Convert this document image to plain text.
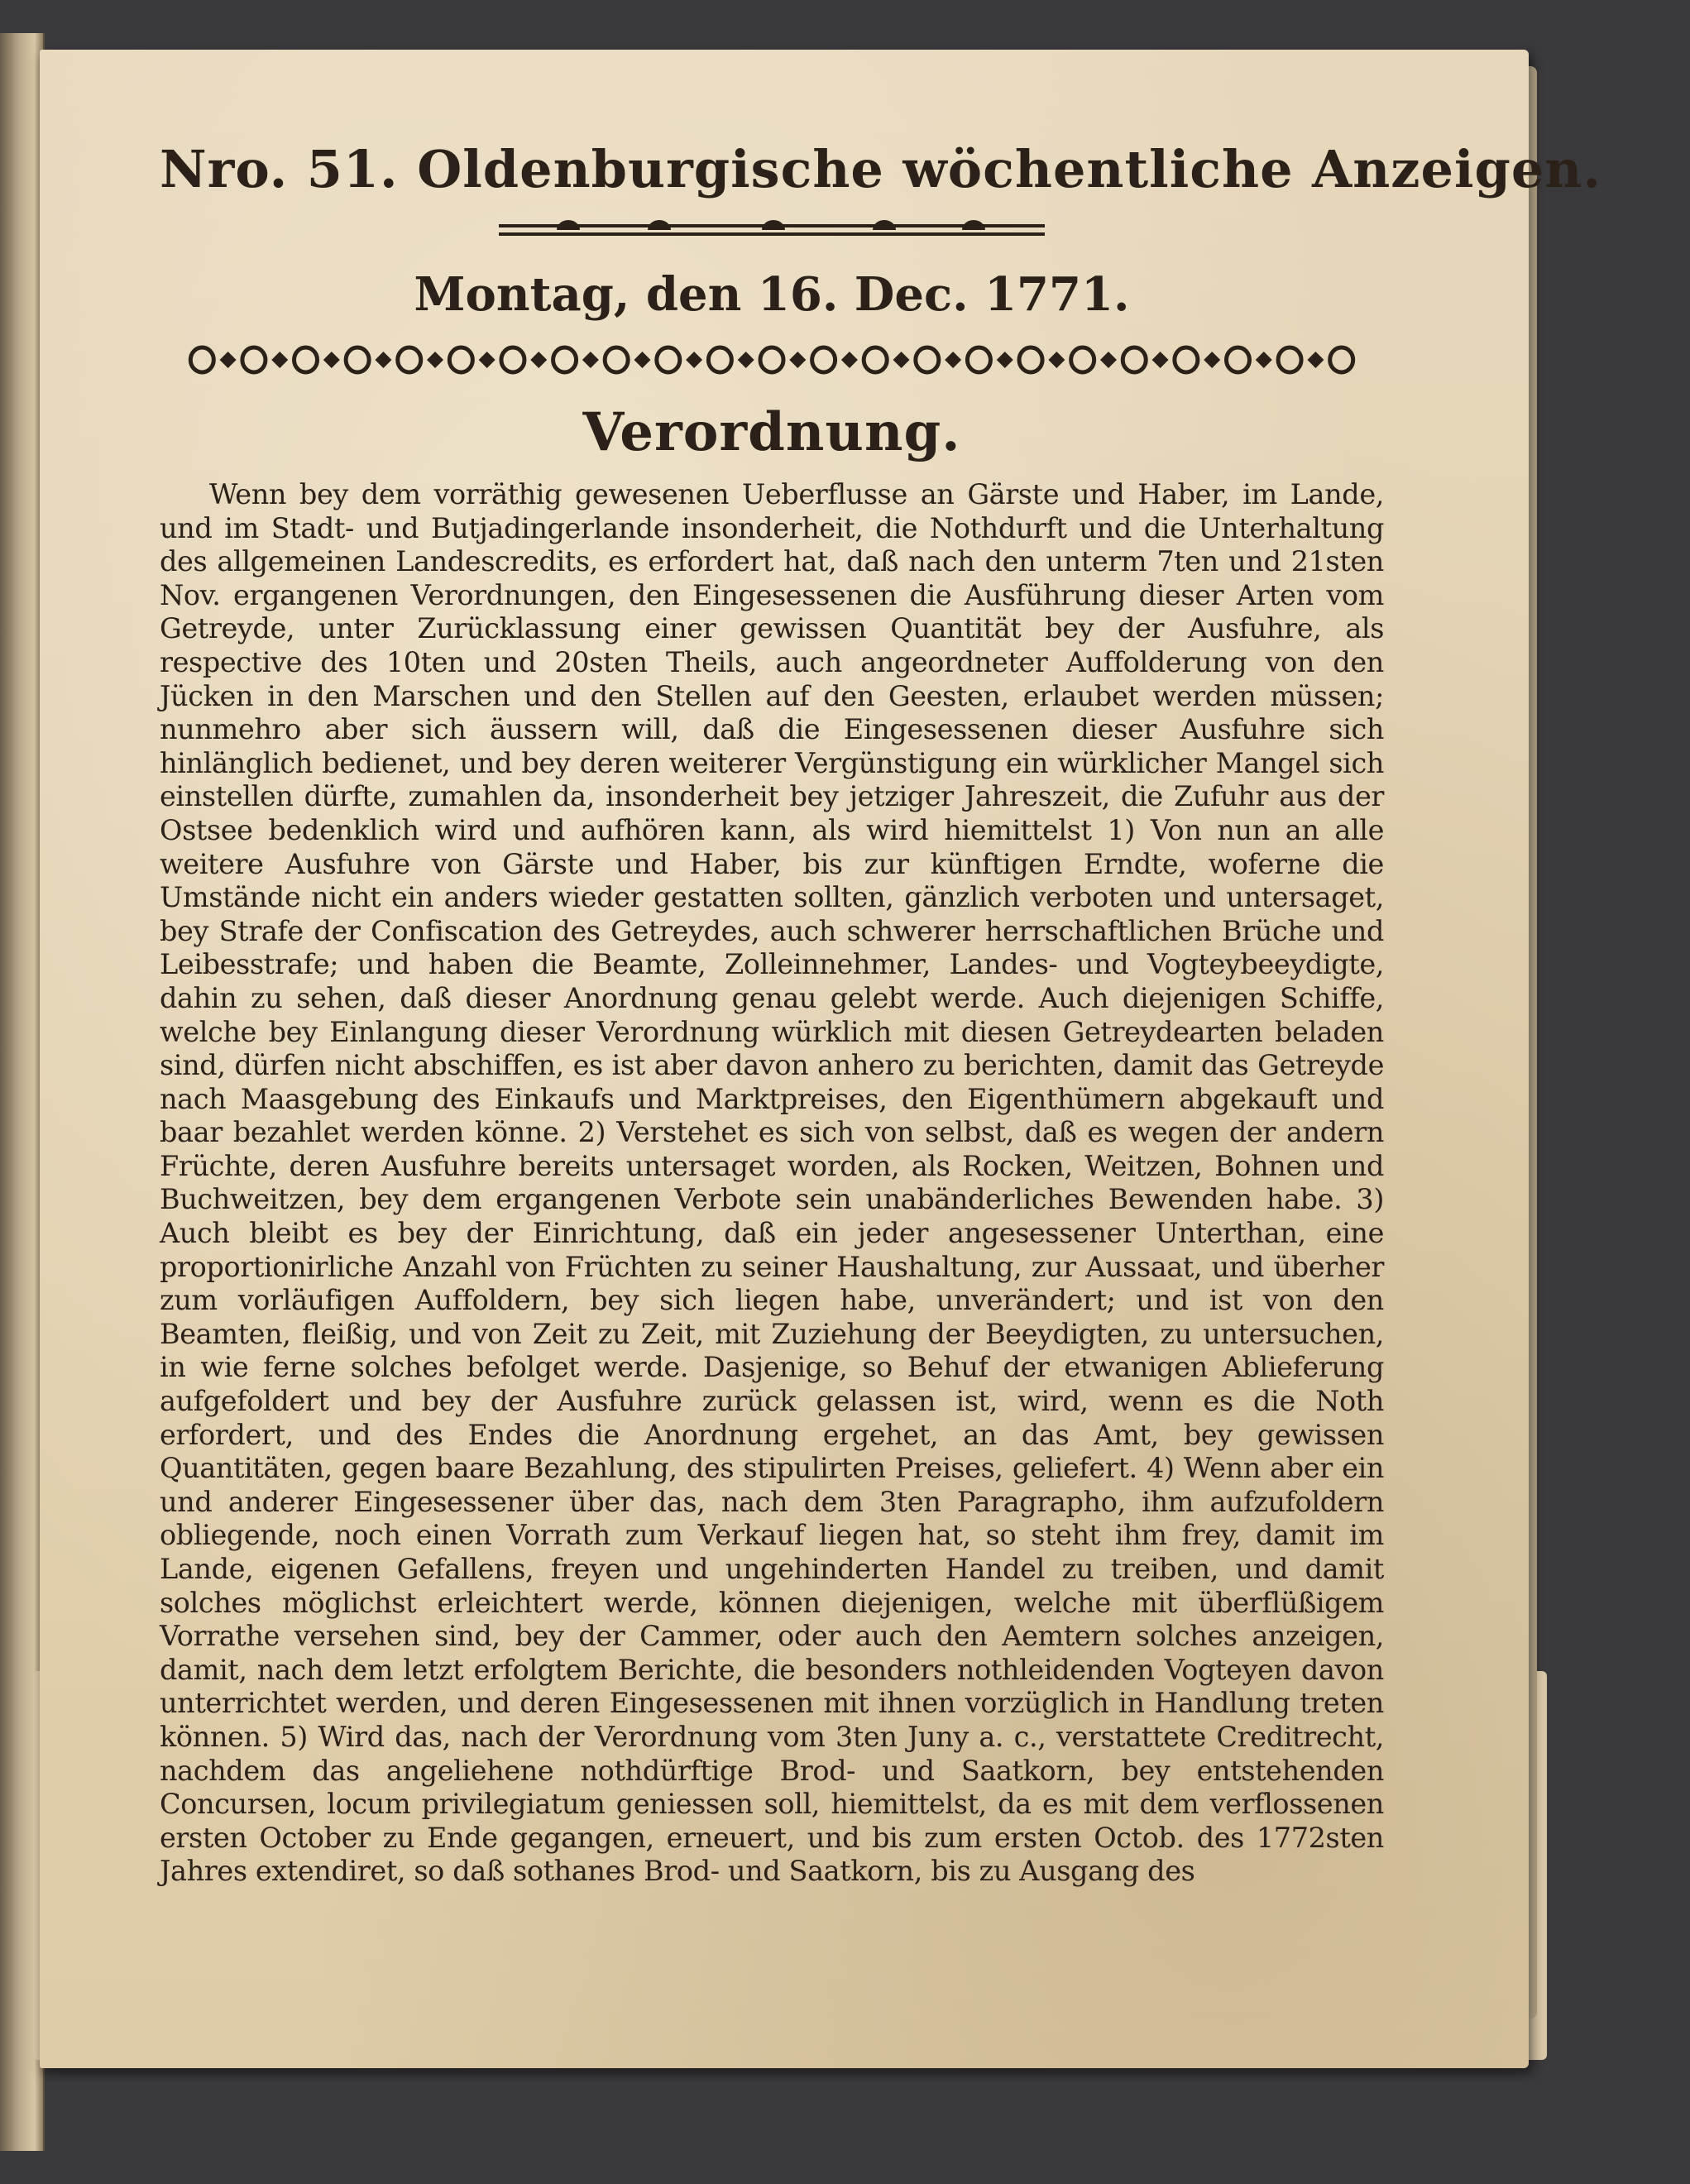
Nro. 51. Oldenburgische wöchentliche Anzeigen.
Montag, den 16. Dec. 1771.
Verordnung.
Wenn bey dem vorräthig gewesenen Ueberflusse an Gärste und Haber, im Lande, und im Stadt- und Butjadingerlande insonderheit, die Nothdurft und die Unterhaltung des allgemeinen Landescredits, es erfordert hat, daß nach den unterm 7ten und 21sten Nov. ergangenen Verordnungen, den Eingesessenen die Ausführung dieser Arten vom Getreyde, unter Zurücklassung einer gewissen Quantität bey der Ausfuhre, als respective des 10ten und 20sten Theils, auch angeordneter Auffolderung von den Jücken in den Marschen und den Stellen auf den Geesten, erlaubet werden müssen; nunmehro aber sich äussern will, daß die Eingesessenen dieser Ausfuhre sich hinlänglich bedienet, und bey deren weiterer Vergünstigung ein würklicher Mangel sich einstellen dürfte, zumahlen da, insonderheit bey jetziger Jahreszeit, die Zufuhr aus der Ostsee bedenklich wird und aufhören kann, als wird hiemittelst 1) Von nun an alle weitere Ausfuhre von Gärste und Haber, bis zur künftigen Erndte, woferne die Umstände nicht ein anders wieder gestatten sollten, gänzlich verboten und untersaget, bey Strafe der Confiscation des Getreydes, auch schwerer herrschaftlichen Brüche und Leibesstrafe; und haben die Beamte, Zolleinnehmer, Landes- und Vogteybeeydigte, dahin zu sehen, daß dieser Anordnung genau gelebt werde. Auch diejenigen Schiffe, welche bey Einlangung dieser Verordnung würklich mit diesen Getreydearten beladen sind, dürfen nicht abschiffen, es ist aber davon anhero zu berichten, damit das Getreyde nach Maasgebung des Einkaufs und Marktpreises, den Eigenthümern abgekauft und baar bezahlet werden könne. 2) Verstehet es sich von selbst, daß es wegen der andern Früchte, deren Ausfuhre bereits untersaget worden, als Rocken, Weitzen, Bohnen und Buchweitzen, bey dem ergangenen Verbote sein unabänderliches Bewenden habe. 3) Auch bleibt es bey der Einrichtung, daß ein jeder angesessener Unterthan, eine proportionirliche Anzahl von Früchten zu seiner Haushaltung, zur Aussaat, und überher zum vorläufigen Auffoldern, bey sich liegen habe, unverändert; und ist von den Beamten, fleißig, und von Zeit zu Zeit, mit Zuziehung der Beeydigten, zu untersuchen, in wie ferne solches befolget werde. Dasjenige, so Behuf der etwanigen Ablieferung aufgefoldert und bey der Ausfuhre zurück gelassen ist, wird, wenn es die Noth erfordert, und des Endes die Anordnung ergehet, an das Amt, bey gewissen Quantitäten, gegen baare Bezahlung, des stipulirten Preises, geliefert. 4) Wenn aber ein und anderer Eingesessener über das, nach dem 3ten Paragrapho, ihm aufzufoldern obliegende, noch einen Vorrath zum Verkauf liegen hat, so steht ihm frey, damit im Lande, eigenen Gefallens, freyen und ungehinderten Handel zu treiben, und damit solches möglichst erleichtert werde, können diejenigen, welche mit überflüßigem Vorrathe versehen sind, bey der Cammer, oder auch den Aemtern solches anzeigen, damit, nach dem letzt erfolgtem Berichte, die besonders nothleidenden Vogteyen davon unterrichtet werden, und deren Eingesessenen mit ihnen vorzüglich in Handlung treten können. 5) Wird das, nach der Verordnung vom 3ten Juny a. c., verstattete Creditrecht, nachdem das angeliehene nothdürftige Brod- und Saatkorn, bey entstehenden Concursen, locum privilegiatum geniessen soll, hiemittelst, da es mit dem verflossenen ersten October zu Ende gegangen, erneuert, und bis zum ersten Octob. des 1772sten Jahres extendiret, so daß sothanes Brod- und Saatkorn, bis zu Ausgang des
